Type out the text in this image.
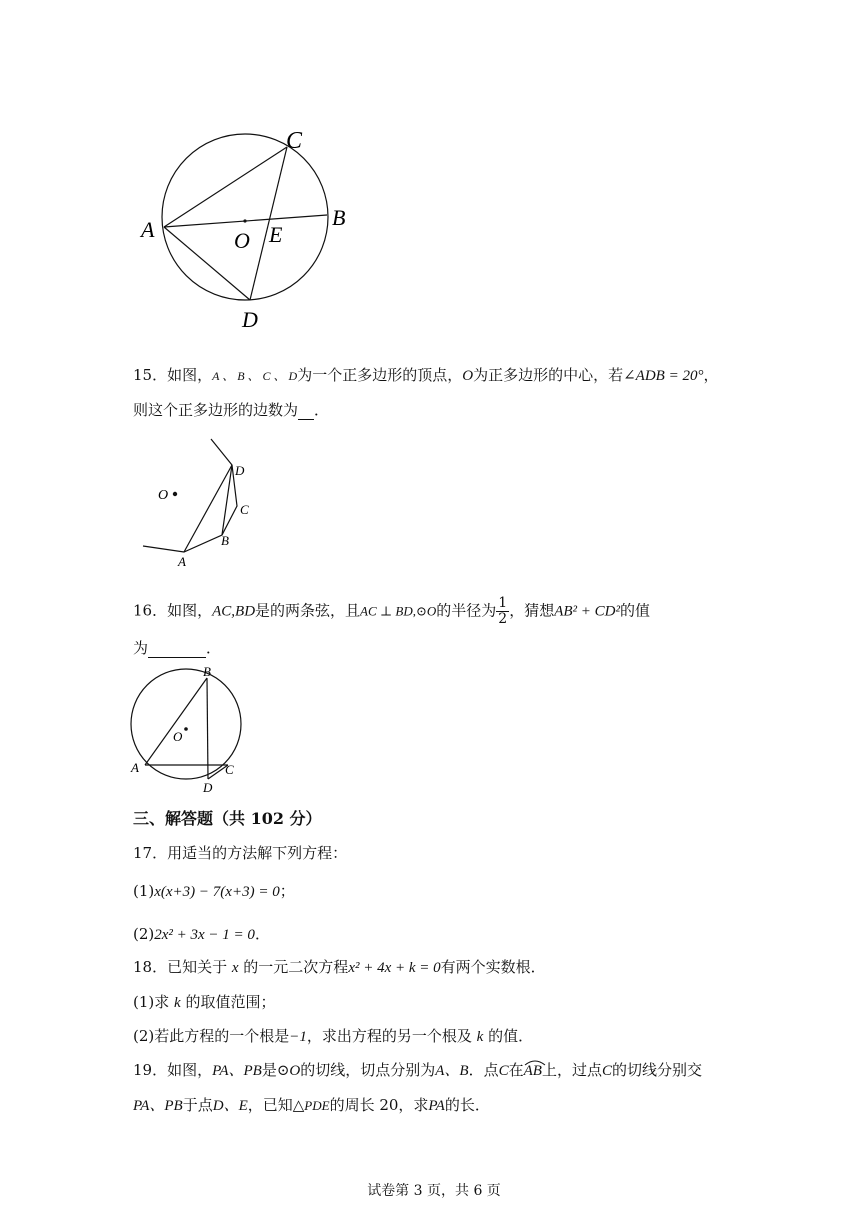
C
A	B
O E
D
15．如图，A 、 B 、 C 、 D为一个正多边形的顶点，O为正多边形的中心，若∠ADB = 20°，
则这个正多边形的边数为 ．
O
D
C
B
A
16．如图，AC,BD是的两条弦，且AC ⊥ BD,⊙O的半径为 $\frac{1}{2}$ ，猜想AB² + CD²的值
为	．
B
O
A	C
D
三、解答题（共 102 分）
17．用适当的方法解下列方程：
(1)x(x+3) − 7(x+3) = 0；
(2)2x² + 3x − 1 = 0．
18．已知关于 x 的一元二次方程x² + 4x + k = 0有两个实数根．
(1)求 k 的取值范围；
(2)若此方程的一个根是−1，求出方程的另一个根及 k 的值．
19．如图，PA、PB是⊙O的切线，切点分别为A、B．点C在
AB上，过点C的切线分别交
PA、PB于点D、E，已知△PDE的周长 20，求PA的长．
试卷第 3 页，共 6 页
